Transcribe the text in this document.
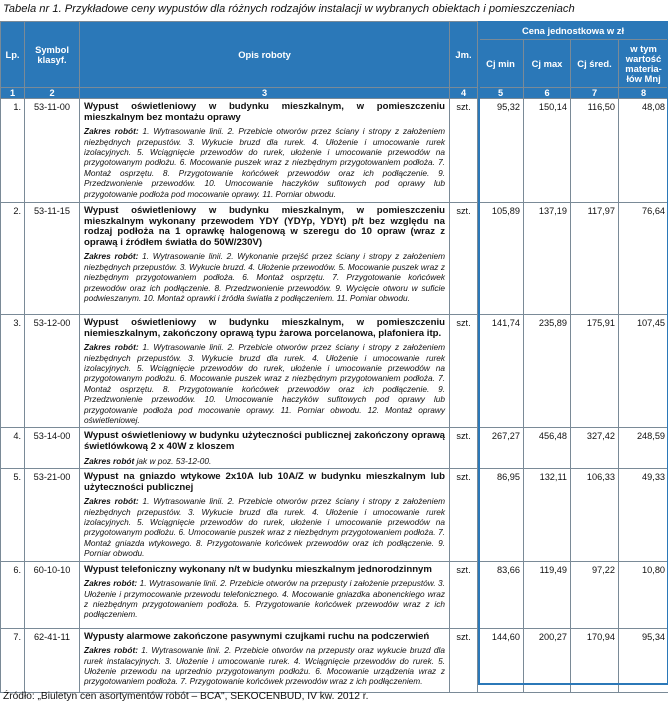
Tabela nr 1. Przykładowe ceny wypustów dla różnych rodzajów instalacji w wybranych obiektach i pomieszczeniach
Lp.	Symbol klasyf.	Opis roboty	Jm.	Cena jednostkowa w zł			
				Cj min	Cj max	Cj śred.	w tym wartość materia-łów Mnj
1	2	3	4	5	6	7	8
1.	53-11-00	Wypust oświetleniowy w budynku mieszkalnym, w pomieszczeniu mieszkalnym bez montażu oprawy
Zakres robót: 1. Wytrasowanie linii. 2. Przebicie otworów przez ściany i stropy z założeniem niezbędnych przepustów. 3. Wykucie bruzd dla rurek. 4. Ułożenie i umocowanie rurek izolacyjnych. 5. Wciągnięcie przewodów do rurek, ułożenie i umocowanie przewodów na przygotowanym podłożu. 6. Mocowanie puszek wraz z niezbędnym przygotowaniem podłoża. 7. Montaż osprzętu. 8. Przygotowanie końcówek przewodów oraz ich podłączenie. 9. Przedzwonienie przewodów. 10. Umocowanie haczyków sufitowych pod oprawy lub przygotowanie podłoża pod mocowanie oprawy. 11. Porniar obwodu.	szt.	95,32	150,14	116,50	48,08
2.	53-11-15	Wypust oświetleniowy w budynku mieszkalnym, w pomieszczeniu mieszkalnym wykonany przewodem YDY (YDYp, YDYt) p/t bez względu na rodzaj podłoża na 1 oprawkę halogenową w szeregu do 10 opraw (wraz z oprawą i źródłem światła do 50W/230V)
Zakres robót: 1. Wytrasowanie linii. 2. Wykonanie przejść przez ściany i stropy z założeniem niezbędnych przepustów. 3. Wykucie bruzd. 4. Ułożenie przewodów. 5. Mocowanie puszek wraz z niezbędnym przygotowaniem podłoża. 6. Montaż osprzętu. 7. Przygotowanie końcówek przewodów oraz ich podłączenie. 8. Przedzwonienie przewodów. 9. Wycięcie otworu w suficie podwieszanym. 10. Montaż oprawki i źródła światła z podłączeniem. 11. Pomiar obwodu.	szt.	105,89	137,19	117,97	76,64
3.	53-12-00	Wypust oświetleniowy w budynku mieszkalnym, w pomieszczeniu niemieszkalnym, zakończony oprawą typu żarowa porcelanowa, plafoniera itp.
Zakres robót: 1. Wytrasowanie linii. 2. Przebicie otworów przez ściany i stropy z założeniem niezbędnych przepustów. 3. Wykucie bruzd dla rurek. 4. Ułożenie i umocowanie rurek izolacyjnych. 5. Wciągnięcie przewodów do rurek, ułożenie i umocowanie przewodów na przygotowanym podłożu. 6. Mocowanie puszek wraz z niezbędnym przygotowaniem podłoża. 7. Montaż osprzętu. 8. Przygotowanie końcówek przewodów oraz ich podłączenie. 9. Przedzwonienie przewodów. 10. Umocowanie haczyków sufitowych pod oprawy lub przygotowanie podłoża pod mocowanie oprawy. 11. Porniar obwodu. 12. Montaż oprawy oświetleniowej.	szt.	141,74	235,89	175,91	107,45
4.	53-14-00	Wypust oświetleniowy w budynku użyteczności publicznej zakończony oprawą świetlówkową 2 x 40W z kloszem
Zakres robót jak w poz. 53-12-00.	szt.	267,27	456,48	327,42	248,59
5.	53-21-00	Wypust na gniazdo wtykowe 2x10A lub 10A/Z w budynku mieszkalnym lub użyteczności publicznej
Zakres robót: 1. Wytrasowanie linii. 2. Przebicie otworów przez ściany i stropy z założeniem niezbędnych przepustów. 3. Wykucie bruzd dla rurek. 4. Ułożenie i umocowanie rurek izolacyjnych. 5. Wciągnięcie przewodów do rurek, ułożenie i umocowanie przewodów na przygotowanym podłożu. 6. Umocowanie puszek wraz z niezbędnym przygotowaniem podłoża. 7. Montaż gniazda wtykowego. 8. Przygotowanie końcówek przewodów oraz ich podłączenie. 9. Porniar obwodu.	szt.	86,95	132,11	106,33	49,33
6.	60-10-10	Wypust telefoniczny wykonany n/t w budynku mieszkalnym jednorodzinnym
Zakres robót: 1. Wytrasowanie linii. 2. Przebicie otworów na przepusty i założenie przepustów. 3. Ułożenie i przymocowanie przewodu telefonicznego. 4. Mocowanie gniazdka abonenckiego wraz z niezbędnym przygotowaniem podłoża. 5. Przygotowanie końcówek przewodów wraz z ich podłączeniem.	szt.	83,66	119,49	97,22	10,80
7.	62-41-11	Wypusty alarmowe zakończone pasywnymi czujkami ruchu na podczerwień
Zakres robót: 1. Wytrasowanie linii. 2. Przebicie otworów na przepusty oraz wykucie bruzd dla rurek instalacyjnych. 3. Ułożenie i umocowanie rurek. 4. Wciągnięcie przewodów do rurek. 5. Ułożenie przewodu na uprzednio przygotowanym podłożu. 6. Mocowanie urządzenia wraz z przygotowaniem podłoża. 7. Przygotowanie końcówek przewodów wraz z ich podłączeniem.	szt.	144,60	200,27	170,94	95,34
Źródło: „Biuletyn cen asortymentów robót – BCA", SEKOCENBUD, IV kw. 2012 r.
